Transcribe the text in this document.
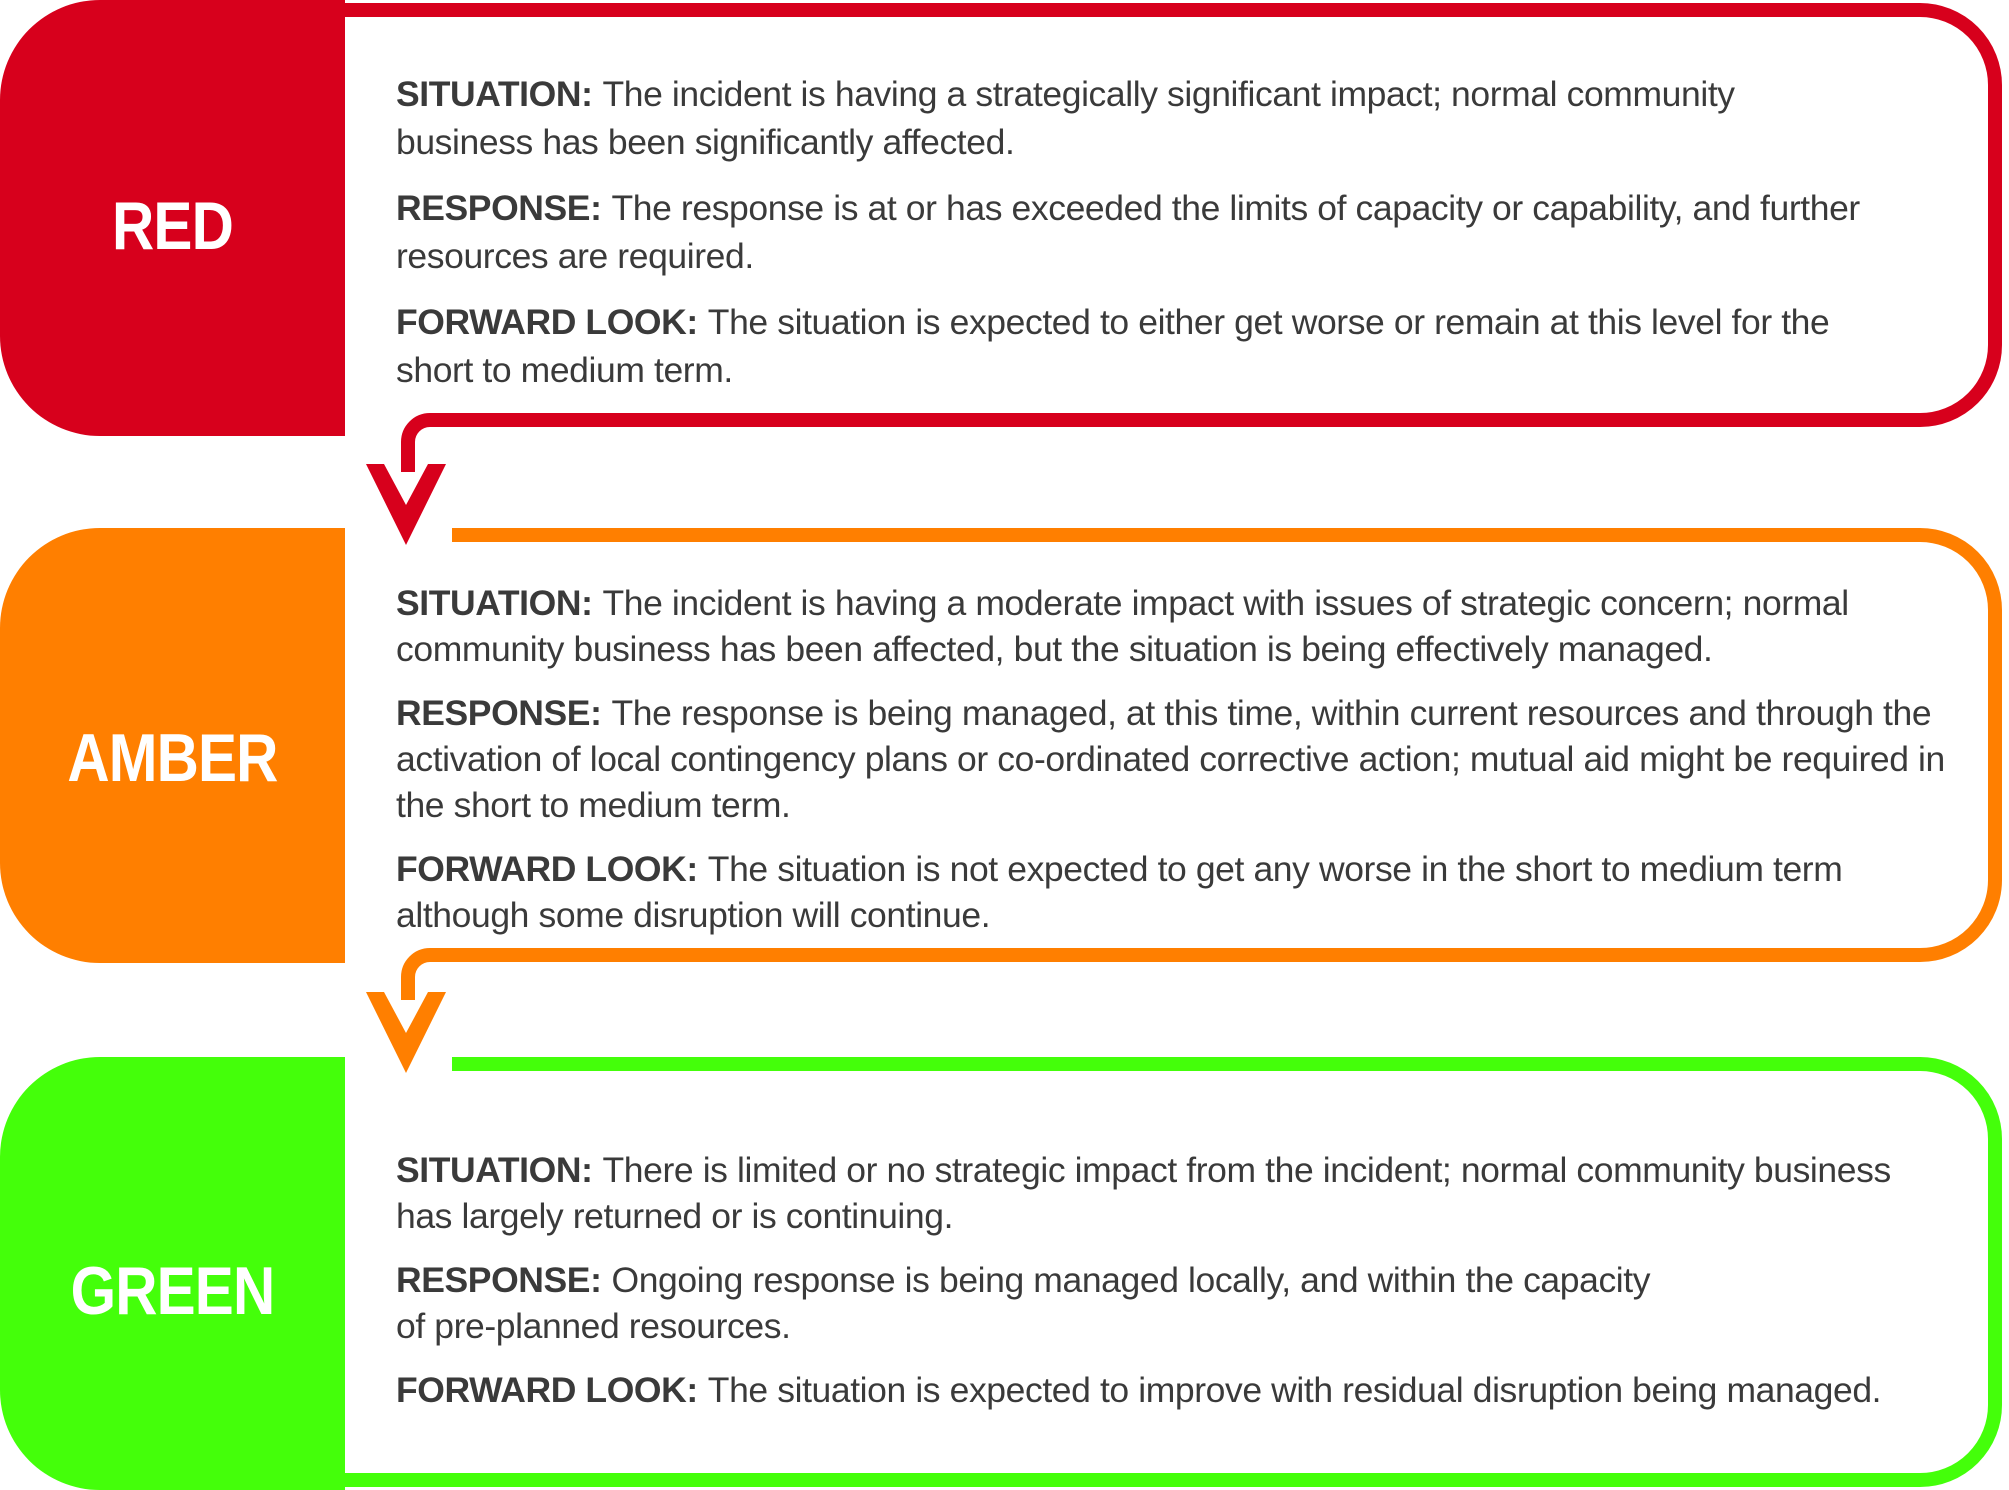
RED
AMBER
GREEN

SITUATION: The incident is having a strategically significant impact; normal community business has been significantly affected.

RESPONSE: The response is at or has exceeded the limits of capacity or capability, and further resources are required.

FORWARD LOOK: The situation is expected to either get worse or remain at this level for the short to medium term.

SITUATION: The incident is having a moderate impact with issues of strategic concern; normal community business has been affected, but the situation is being effectively managed.

RESPONSE: The response is being managed, at this time, within current resources and through the activation of local contingency plans or co-ordinated corrective action; mutual aid might be required in the short to medium term.

FORWARD LOOK: The situation is not expected to get any worse in the short to medium term although some disruption will continue.

SITUATION: There is limited or no strategic impact from the incident; normal community business has largely returned or is continuing.

RESPONSE: Ongoing response is being managed locally, and within the capacity of pre-planned resources.

FORWARD LOOK: The situation is expected to improve with residual disruption being managed.
